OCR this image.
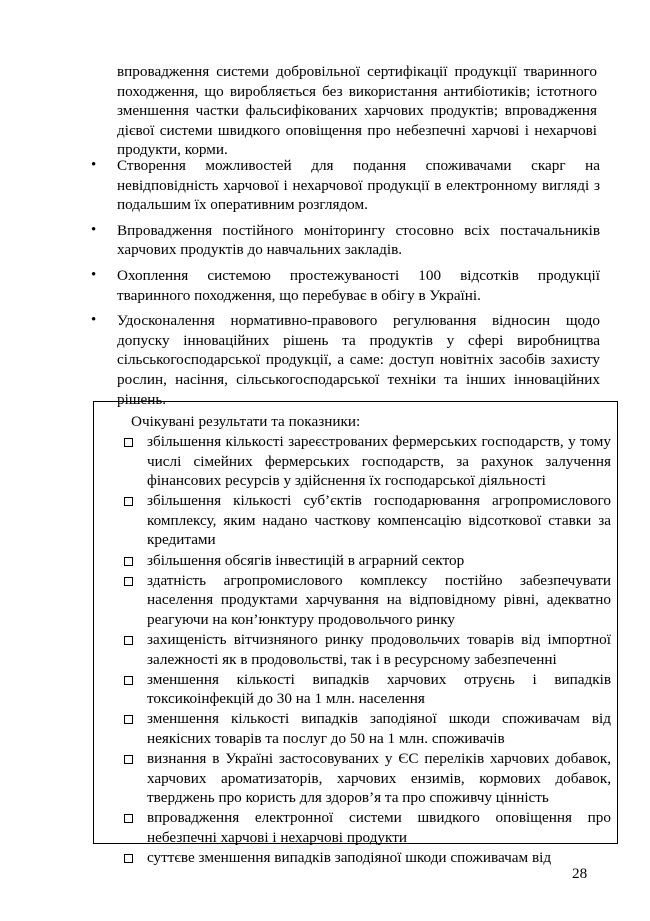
впровадження системи добровільної сертифікації продукції тваринного походження, що виробляється без використання антибіотиків; істотного зменшення частки фальсифікованих харчових продуктів; впровадження дієвої системи швидкого оповіщення про небезпечні харчові і нехарчові продукти, корми.

• Створення можливостей для подання споживачами скарг на невідповідність харчової і нехарчової продукції в електронному вигляді з подальшим їх оперативним розглядом.
• Впровадження постійного моніторингу стосовно всіх постачальників харчових продуктів до навчальних закладів.
• Охоплення системою простежуваності 100 відсотків продукції тваринного походження, що перебуває в обігу в Україні.
• Удосконалення нормативно-правового регулювання відносин щодо допуску інноваційних рішень та продуктів у сфері виробництва сільськогосподарської продукції, а саме: доступ новітніх засобів захисту рослин, насіння, сільськогосподарської техніки та інших інноваційних рішень.
Очікувані результати та показники:
збільшення кількості зареєстрованих фермерських господарств, у тому числі сімейних фермерських господарств, за рахунок залучення фінансових ресурсів у здійснення їх господарської діяльності
збільшення кількості суб’єктів господарювання агропромислового комплексу, яким надано часткову компенсацію відсоткової ставки за кредитами
збільшення обсягів інвестицій в аграрний сектор
здатність агропромислового комплексу постійно забезпечувати населення продуктами харчування на відповідному рівні, адекватно реагуючи на кон’юнктуру продовольчого ринку
захищеність вітчизняного ринку продовольчих товарів від імпортної залежності як в продовольстві, так і в ресурсному забезпеченні
зменшення кількості випадків харчових отруєнь і випадків токсикоінфекцій до 30 на 1 млн. населення
зменшення кількості випадків заподіяної шкоди споживачам від неякісних товарів та послуг до 50 на 1 млн. споживачів
визнання в Україні застосовуваних у ЄС переліків харчових добавок, харчових ароматизаторів, харчових ензимів, кормових добавок, тверджень про користь для здоров’я та про споживчу цінність
впровадження електронної системи швидкого оповіщення про небезпечні харчові і нехарчові продукти
суттєве зменшення випадків заподіяної шкоди споживачам від
28
